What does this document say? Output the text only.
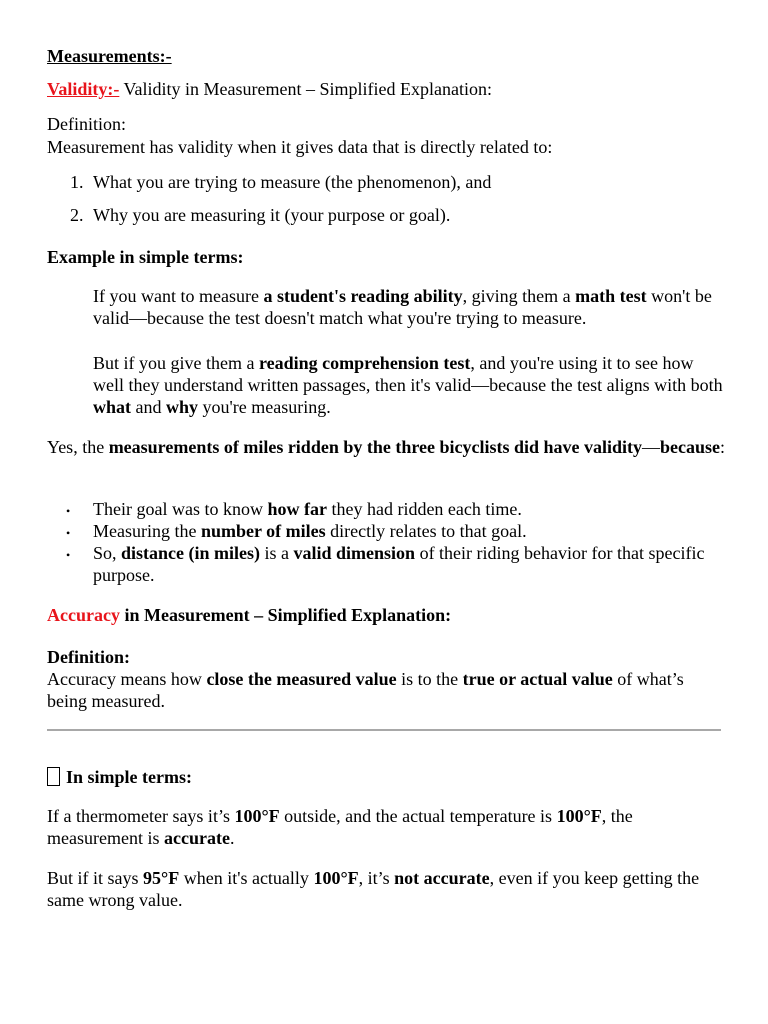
Measurements:-

Validity:- Validity in Measurement – Simplified Explanation:

Definition:

Measurement has validity when it gives data that is directly related to:

1. What you are trying to measure (the phenomenon), and
2. Why you are measuring it (your purpose or goal).

Example in simple terms:

If you want to measure a student's reading ability, giving them a math test won't be valid—because the test doesn't match what you're trying to measure.

But if you give them a reading comprehension test, and you're using it to see how well they understand written passages, then it's valid—because the test aligns with both what and why you're measuring.

Yes, the measurements of miles ridden by the three bicyclists did have validity—because:

• Their goal was to know how far they had ridden each time.

• Measuring the number of miles directly relates to that goal.

• So, distance (in miles) is a valid dimension of their riding behavior for that specific purpose.

Accuracy in Measurement – Simplified Explanation:

Definition:

Accuracy means how close the measured value is to the true or actual value of what’s being measured.

In simple terms:

If a thermometer says it’s 100°F outside, and the actual temperature is 100°F, the measurement is accurate.

But if it says 95°F when it's actually 100°F, it’s not accurate, even if you keep getting the same wrong value.
